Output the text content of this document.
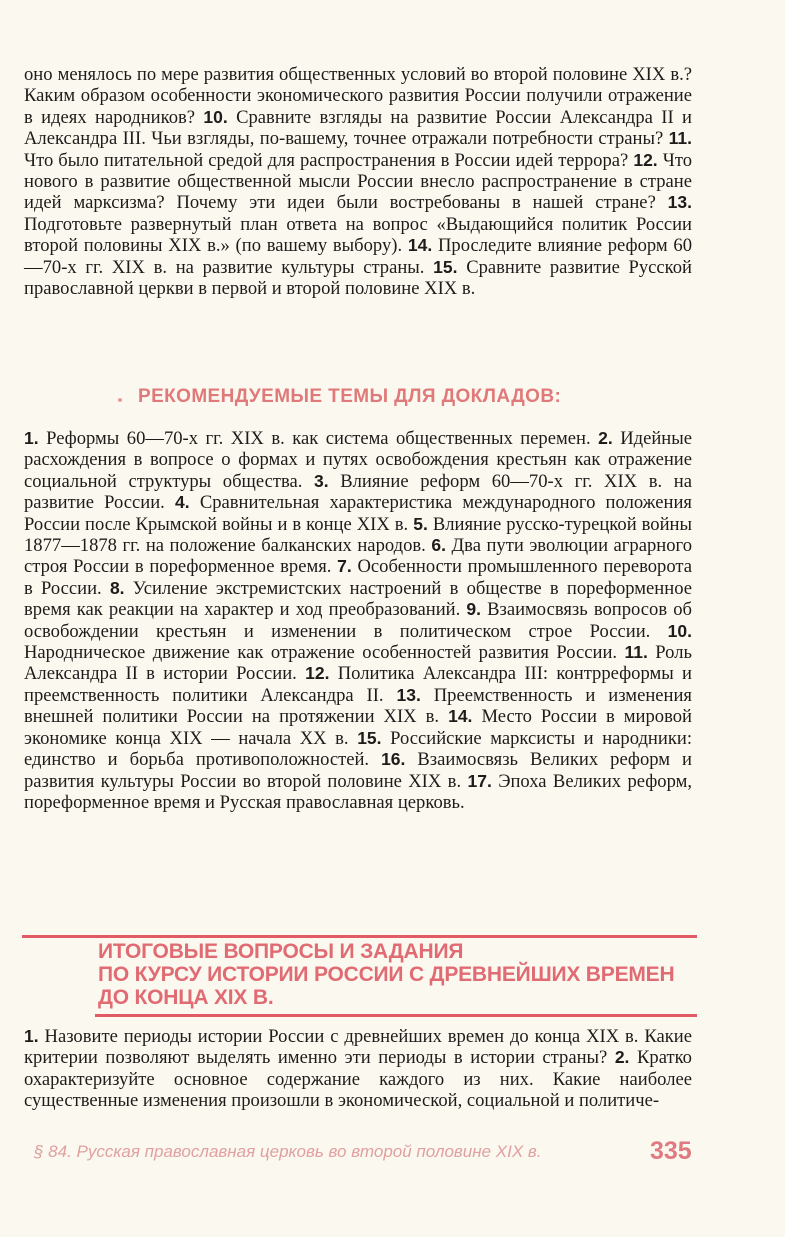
оно менялось по мере развития общественных условий во второй половине XIX в.? Каким образом особенности экономического развития России получили отражение в идеях народников? 10. Сравните взгляды на развитие России Александра II и Александра III. Чьи взгляды, по-вашему, точнее отражали потребности страны? 11. Что было питательной средой для распространения в России идей террора? 12. Что нового в развитие общественной мысли России внесло распространение в стране идей марксизма? Почему эти идеи были востребованы в нашей стране? 13. Подготовьте развернутый план ответа на вопрос «Выдающийся политик России второй половины XIX в.» (по вашему выбору). 14. Проследите влияние реформ 60—70-х гг. XIX в. на развитие культуры страны. 15. Сравните развитие Русской православной церкви в первой и второй половине XIX в.

РЕКОМЕНДУЕМЫЕ ТЕМЫ ДЛЯ ДОКЛАДОВ:

1. Реформы 60—70-х гг. XIX в. как система общественных перемен. 2. Идейные расхождения в вопросе о формах и путях освобождения крестьян как отражение социальной структуры общества. 3. Влияние реформ 60—70-х гг. XIX в. на развитие России. 4. Сравнительная характеристика международного положения России после Крымской войны и в конце XIX в. 5. Влияние русско-турецкой войны 1877—1878 гг. на положение балканских народов. 6. Два пути эволюции аграрного строя России в пореформенное время. 7. Особенности промышленного переворота в России. 8. Усиление экстремистских настроений в обществе в пореформенное время как реакции на характер и ход преобразований. 9. Взаимосвязь вопросов об освобождении крестьян и изменении в политическом строе России. 10. Народническое движение как отражение особенностей развития России. 11. Роль Александра II в истории России. 12. Политика Александра III: контрреформы и преемственность политики Александра II. 13. Преемственность и изменения внешней политики России на протяжении XIX в. 14. Место России в мировой экономике конца XIX — начала XX в. 15. Российские марксисты и народники: единство и борьба противоположностей. 16. Взаимосвязь Великих реформ и развития культуры России во второй половине XIX в. 17. Эпоха Великих реформ, пореформенное время и Русская православная церковь.

ИТОГОВЫЕ ВОПРОСЫ И ЗАДАНИЯ
ПО КУРСУ ИСТОРИИ РОССИИ С ДРЕВНЕЙШИХ ВРЕМЕН
ДО КОНЦА XIX В.

1. Назовите периоды истории России с древнейших времен до конца XIX в. Какие критерии позволяют выделять именно эти периоды в истории страны? 2. Кратко охарактеризуйте основное содержание каждого из них. Какие наиболее существенные изменения произошли в экономической, социальной и политиче-

§ 84. Русская православная церковь во второй половине XIX в.	335
